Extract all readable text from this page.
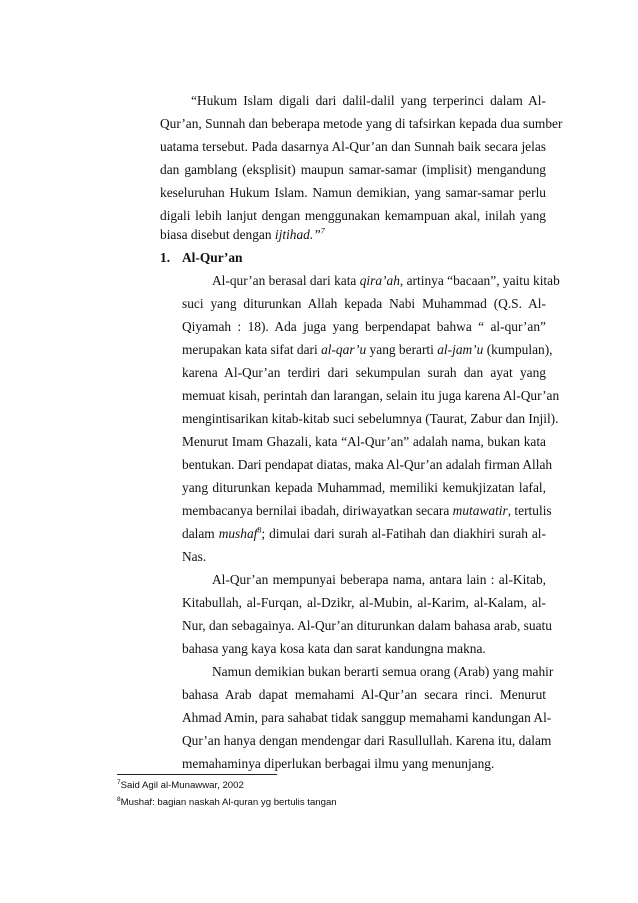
“Hukum Islam digali dari dalil-dalil yang terperinci dalam Al-
Qur’an, Sunnah dan beberapa metode yang di tafsirkan kepada dua sumber
uatama tersebut. Pada dasarnya Al-Qur’an dan Sunnah baik secara jelas
dan gamblang (eksplisit) maupun samar-samar (implisit) mengandung
keseluruhan Hukum Islam. Namun demikian, yang samar-samar perlu
digali lebih lanjut dengan menggunakan kemampuan akal, inilah yang
biasa disebut dengan ijtihad.”$^7$
1. Al-Qur’an
Al-qur’an berasal dari kata qira’ah, artinya “bacaan”, yaitu kitab
suci yang diturunkan Allah kepada Nabi Muhammad (Q.S. Al-
Qiyamah : 18). Ada juga yang berpendapat bahwa “ al-qur’an”
merupakan kata sifat dari al-qar’u yang berarti al-jam’u (kumpulan),
karena Al-Qur’an terdiri dari sekumpulan surah dan ayat yang
memuat kisah, perintah dan larangan, selain itu juga karena Al-Qur’an
mengintisarikan kitab-kitab suci sebelumnya (Taurat, Zabur dan Injil).
Menurut Imam Ghazali, kata “Al-Qur’an” adalah nama, bukan kata
bentukan. Dari pendapat diatas, maka Al-Qur’an adalah firman Allah
yang diturunkan kepada Muhammad, memiliki kemukjizatan lafal,
membacanya bernilai ibadah, diriwayatkan secara mutawatir, tertulis
dalam mushaf$^8$; dimulai dari surah al-Fatihah dan diakhiri surah al-
Nas.
Al-Qur’an mempunyai beberapa nama, antara lain : al-Kitab,
Kitabullah, al-Furqan, al-Dzikr, al-Mubin, al-Karim, al-Kalam, al-
Nur, dan sebagainya. Al-Qur’an diturunkan dalam bahasa arab, suatu
bahasa yang kaya kosa kata dan sarat kandungna makna.
Namun demikian bukan berarti semua orang (Arab) yang mahir
bahasa Arab dapat memahami Al-Qur’an secara rinci. Menurut
Ahmad Amin, para sahabat tidak sanggup memahami kandungan Al-
Qur’an hanya dengan mendengar dari Rasullullah. Karena itu, dalam
memahaminya diperlukan berbagai ilmu yang menunjang.
$^7$Said Agil al-Munawwar, 2002
$^8$Mushaf: bagian naskah Al-quran yg bertulis tangan
